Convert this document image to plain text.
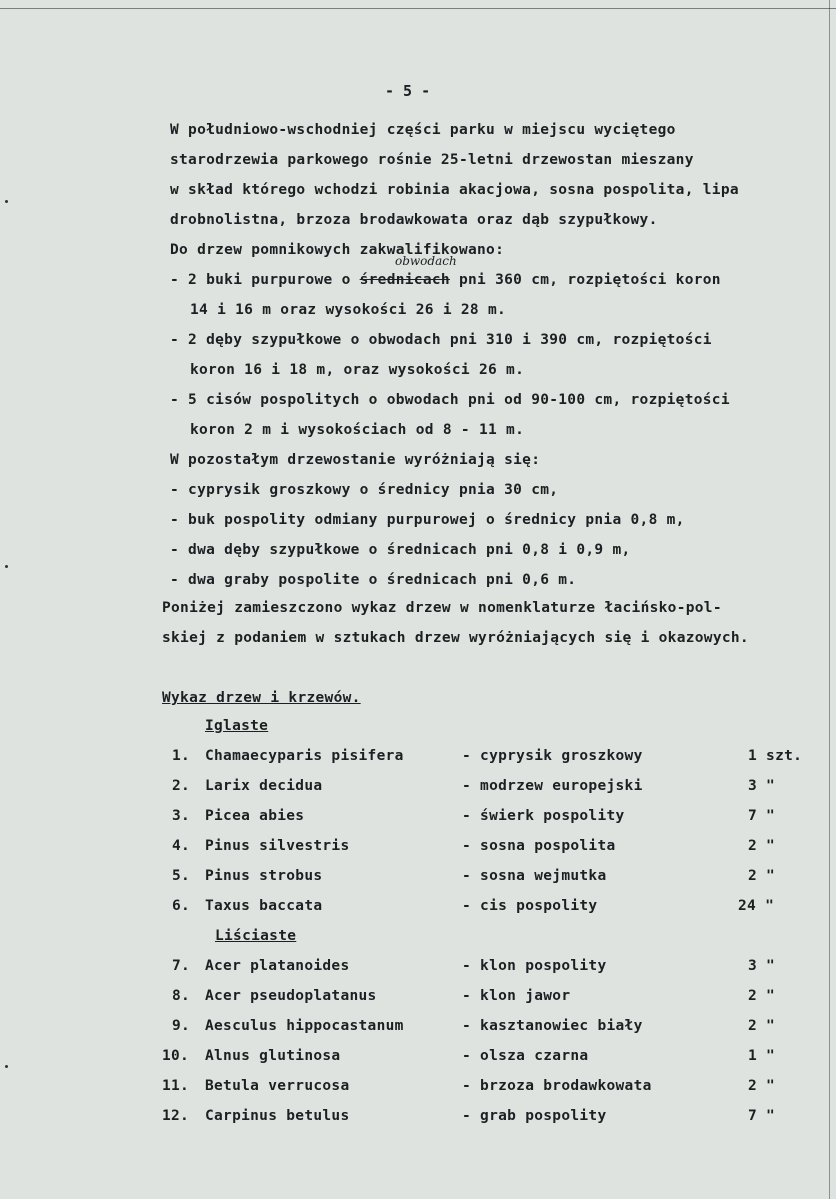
- 5 -
W południowo-wschodniej części parku w miejscu wyciętego
starodrzewia parkowego rośnie 25-letni drzewostan mieszany
w skład którego wchodzi robinia akacjowa, sosna pospolita, lipa
drobnolistna, brzoza brodawkowata oraz dąb szypułkowy.
Do drzew pomnikowych zakwalifikowano:
- 2 buki purpurowe o średnicach pni 360 cm, rozpiętości koron
obwodach
14 i 16 m oraz wysokości 26 i 28 m.
- 2 dęby szypułkowe o obwodach pni 310 i 390 cm, rozpiętości
koron 16 i 18 m, oraz wysokości 26 m.
- 5 cisów pospolitych o obwodach pni od 90-100 cm, rozpiętości
koron 2 m i wysokościach od 8 - 11 m.
W pozostałym drzewostanie wyróżniają się:
- cyprysik groszkowy o średnicy pnia 30 cm,
- buk pospolity odmiany purpurowej o średnicy pnia 0,8 m,
- dwa dęby szypułkowe o średnicach pni 0,8 i 0,9 m,
- dwa graby pospolite o średnicach pni 0,6 m.
Poniżej zamieszczono wykaz drzew w nomenklaturze łacińsko-pol-
skiej z podaniem w sztukach drzew wyróżniających się i okazowych.
Wykaz drzew i krzewów.
Iglaste
1. Chamaecyparis pisifera	- cyprysik groszkowy	1 szt.
2. Larix decidua	- modrzew europejski	3 "
3. Picea abies	- świerk pospolity	7 "
4. Pinus silvestris	- sosna pospolita	2 "
5. Pinus strobus	- sosna wejmutka	2 "
6. Taxus baccata	- cis pospolity	24 "
Liściaste
7. Acer platanoides	- klon pospolity	3 "
8. Acer pseudoplatanus	- klon jawor	2 "
9. Aesculus hippocastanum	- kasztanowiec biały	2 "
10. Alnus glutinosa	- olsza czarna	1 "
11. Betula verrucosa	- brzoza brodawkowata	2 "
12. Carpinus betulus	- grab pospolity	7 "
